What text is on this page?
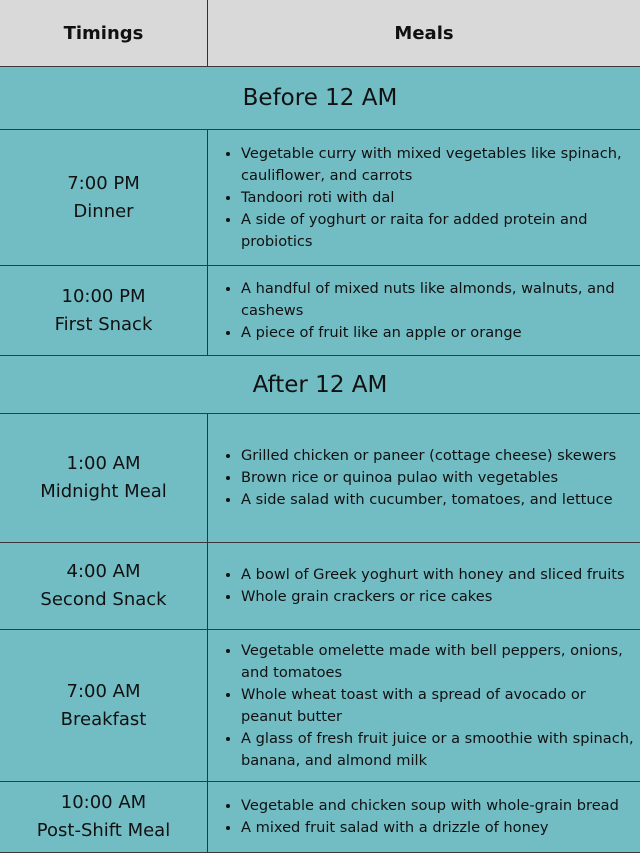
Timings	Meals
Before 12 AM
7:00 PM
Dinner
• Vegetable curry with mixed vegetables like spinach, cauliflower, and carrots
• Tandoori roti with dal
• A side of yoghurt or raita for added protein and probiotics
10:00 PM
First Snack
• A handful of mixed nuts like almonds, walnuts, and cashews
• A piece of fruit like an apple or orange
After 12 AM
1:00 AM
Midnight Meal
• Grilled chicken or paneer (cottage cheese) skewers
• Brown rice or quinoa pulao with vegetables
• A side salad with cucumber, tomatoes, and lettuce
4:00 AM
Second Snack
• A bowl of Greek yoghurt with honey and sliced fruits
• Whole grain crackers or rice cakes
7:00 AM
Breakfast
• Vegetable omelette made with bell peppers, onions, and tomatoes
• Whole wheat toast with a spread of avocado or peanut butter
• A glass of fresh fruit juice or a smoothie with spinach, banana, and almond milk
10:00 AM
Post-Shift Meal
• Vegetable and chicken soup with whole-grain bread
• A mixed fruit salad with a drizzle of honey
